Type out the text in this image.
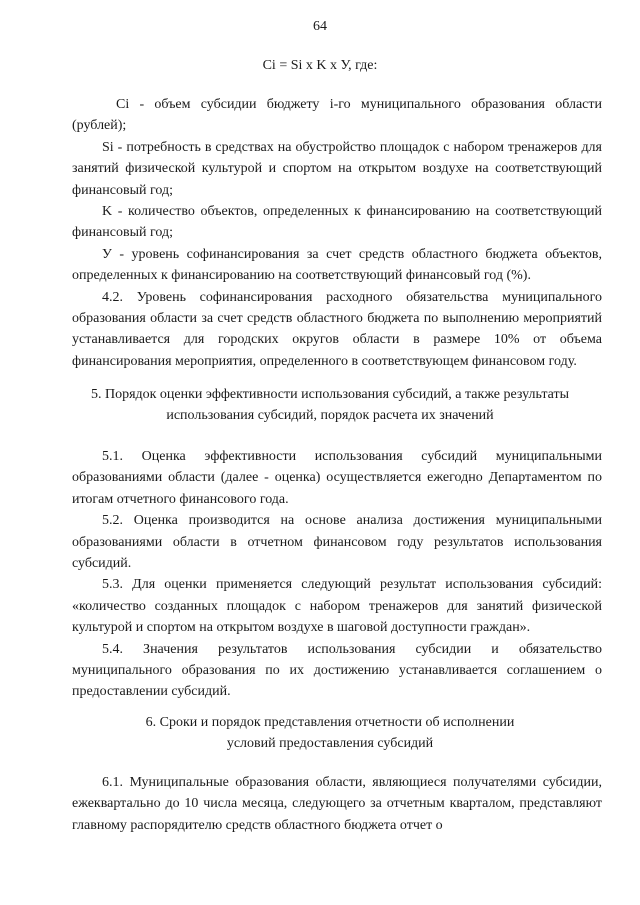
64
Ci = Si х K х У, где:

Ci - объем субсидии бюджету i-го муниципального образования области (рублей);

Si - потребность в средствах на обустройство площадок с набором тренажеров для занятий физической культурой и спортом на открытом воздухе на соответствующий финансовый год;

K - количество объектов, определенных к финансированию на соответствующий финансовый год;

У - уровень софинансирования за счет средств областного бюджета объектов, определенных к финансированию на соответствующий финансовый год (%).

4.2. Уровень софинансирования расходного обязательства муниципального образования области за счет средств областного бюджета по выполнению мероприятий устанавливается для городских округов области в размере 10% от объема финансирования мероприятия, определенного в соответствующем финансовом году.

5. Порядок оценки эффективности использования субсидий, а также результаты
использования субсидий, порядок расчета их значений

5.1. Оценка эффективности использования субсидий муниципальными образованиями области (далее - оценка) осуществляется ежегодно Департаментом по итогам отчетного финансового года.

5.2. Оценка производится на основе анализа достижения муниципальными образованиями области в отчетном финансовом году результатов использования субсидий.

5.3. Для оценки применяется следующий результат использования субсидий: «количество созданных площадок с набором тренажеров для занятий физической культурой и спортом на открытом воздухе в шаговой доступности граждан».

5.4. Значения результатов использования субсидии и обязательство муниципального образования по их достижению устанавливается соглашением о предоставлении субсидий.

6. Сроки и порядок представления отчетности об исполнении
условий предоставления субсидий

6.1. Муниципальные образования области, являющиеся получателями субсидии, ежеквартально до 10 числа месяца, следующего за отчетным кварталом, представляют главному распорядителю средств областного бюджета отчет о
